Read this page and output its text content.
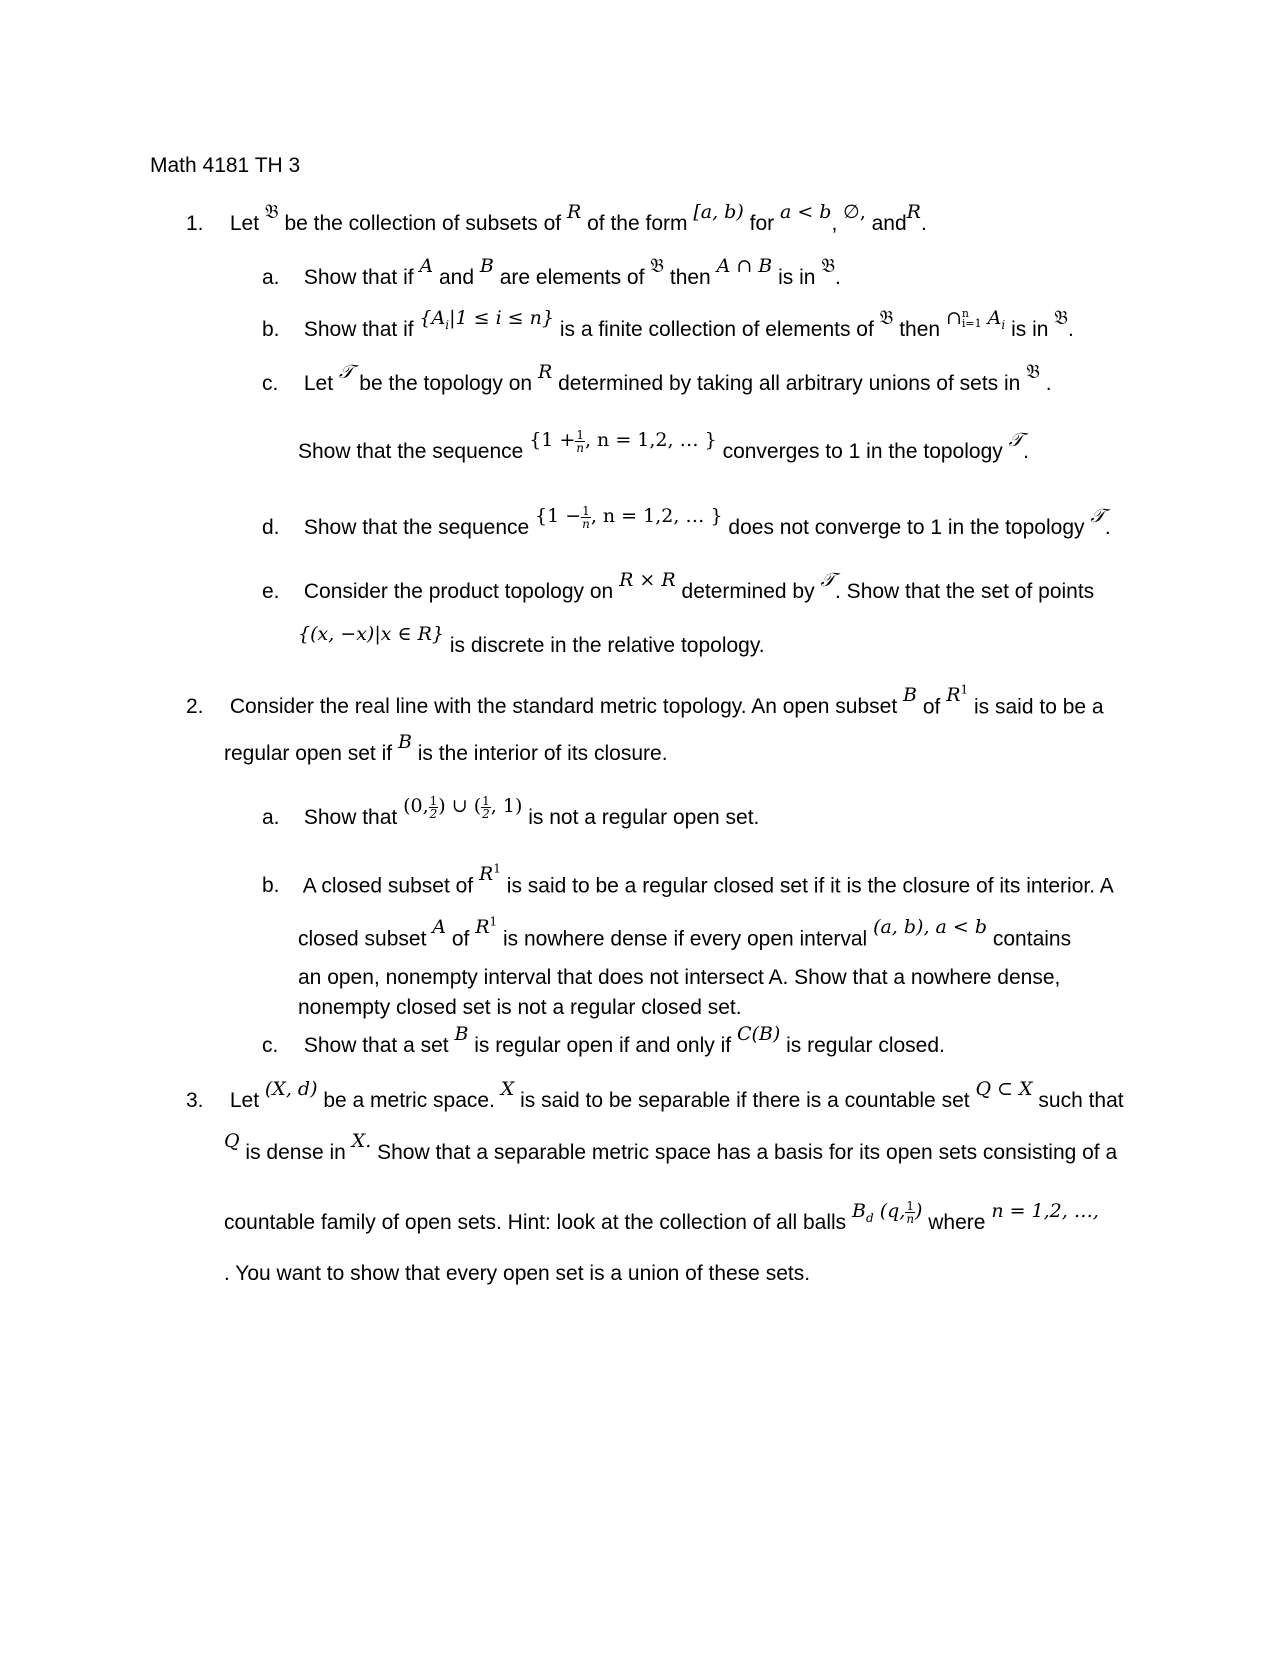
Math 4181 TH 3
1. Let 𝔅 be the collection of subsets of R of the form [a, b) for a < b, ∅, andR.
a. Show that if A and B are elements of 𝔅 then A ∩ B is in 𝔅.
b. Show that if $\{A_i|1 \le i \le n\}$ is a finite collection of elements of 𝔅 then ∩ n
i=1 $A_i$ is in 𝔅.
c. Let 𝒯 be the topology on R determined by taking all arbitrary unions of sets in 𝔅 .
Show that the sequence {$1 + \frac{1}{n}$ , n = 1,2, … } converges to 1 in the topology 𝒯.
d. Show that the sequence {$1 - \frac{1}{n}$ , n = 1,2, … } does not converge to 1 in the topology 𝒯.
e. Consider the product topology on R × R determined by 𝒯. Show that the set of points
{(x, −x)|x ∈ R} is discrete in the relative topology.
2. Consider the real line with the standard metric topology. An open subset B of $R^1$ is said to be a
regular open set if B is the interior of its closure.
a. Show that (0, $\frac{1}{2}$ ) ∪ ( $\frac{1}{2}$ , 1) is not a regular open set.
b. A closed subset of $R^1$ is said to be a regular closed set if it is the closure of its interior. A
closed subset A of $R^1$ is nowhere dense if every open interval (a, b), a < b contains
an open, nonempty interval that does not intersect A. Show that a nowhere dense,
nonempty closed set is not a regular closed set.
c. Show that a set B is regular open if and only if C(B) is regular closed.
3. Let (X, d) be a metric space. X is said to be separable if there is a countable set Q ⊂ X such that
Q is dense in X. Show that a separable metric space has a basis for its open sets consisting of a
countable family of open sets. Hint: look at the collection of all balls $B_d$ (q, $\frac{1}{n}$ ) where n = 1,2, …,
. You want to show that every open set is a union of these sets.
